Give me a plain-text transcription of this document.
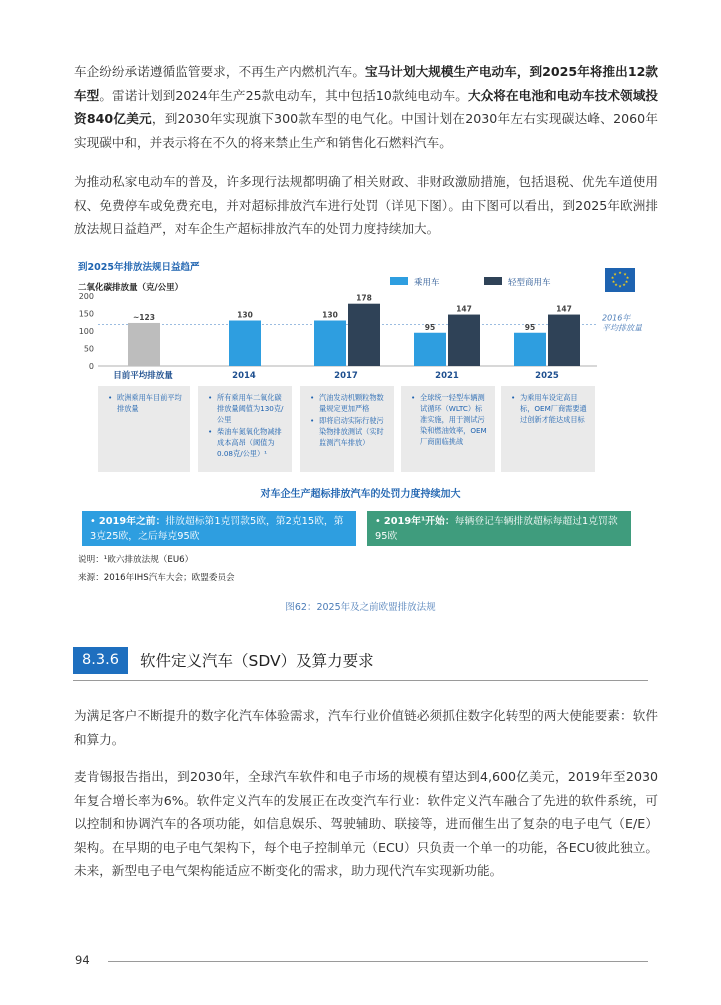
车企纷纷承诺遵循监管要求，不再生产内燃机汽车。宝马计划大规模生产电动车，到2025年将推出12款车型。雷诺计划到2024年生产25款电动车，其中包括10款纯电动车。大众将在电池和电动车技术领域投资840亿美元，到2030年实现旗下300款车型的电气化。中国计划在2030年左右实现碳达峰、2060年实现碳中和，并表示将在不久的将来禁止生产和销售化石燃料汽车。

为推动私家电动车的普及，许多现行法规都明确了相关财政、非财政激励措施，包括退税、优先车道使用权、免费停车或免费充电，并对超标排放汽车进行处罚（详见下图）。由下图可以看出，到2025年欧洲排放法规日益趋严，对车企生产超标排放汽车的处罚力度持续加大。

到2025年排放法规日益趋严
二氧化碳排放量（克/公里）
★ ★
★
★
★
★
★
★
★
★
0
50
100
150
200
2016年
平均排放量
乘用车	轻型商用车
~123	130	130
178
95
147
95
147
目前平均排放量	2014	2017	2021	2025
• 欧洲乘用车目前平均排放量
• 所有乘用车二氧化碳排放量阈值为130克/公里
• 柴油车氮氧化物减排成本高昂（阈值为0.08克/公里）¹
• 汽油发动机颗粒物数量规定更加严格
• 即将启动实际行驶污染物排放测试（实时监测汽车排放）
• 全球统一轻型车辆测试循环（WLTC）标准实施，用于测试污染和燃油效率，OEM厂商面临挑战
• 为乘用车设定高目标，OEM厂商需要通过创新才能达成目标
对车企生产超标排放汽车的处罚力度持续加大
• 2019年之前：排放超标第1克罚款5欧，第2克15欧，第3克25欧，之后每克95欧
• 2019年¹开始：每辆登记车辆排放超标每超过1克罚款95欧
说明：¹欧六排放法规（EU6）
来源：2016年IHS汽车大会；欧盟委员会
图62：2025年及之前欧盟排放法规
8.3.6	软件定义汽车（SDV）及算力要求

为满足客户不断提升的数字化汽车体验需求，汽车行业价值链必须抓住数字化转型的两大使能要素：软件和算力。

麦肯锡报告指出，到2030年，全球汽车软件和电子市场的规模有望达到4,600亿美元，2019年至2030年复合增长率为6%。软件定义汽车的发展正在改变汽车行业：软件定义汽车融合了先进的软件系统，可以控制和协调汽车的各项功能，如信息娱乐、驾驶辅助、联接等，进而催生出了复杂的电子电气（E/E）架构。在早期的电子电气架构下，每个电子控制单元（ECU）只负责一个单一的功能，各ECU彼此独立。未来，新型电子电气架构能适应不断变化的需求，助力现代汽车实现新功能。

94
